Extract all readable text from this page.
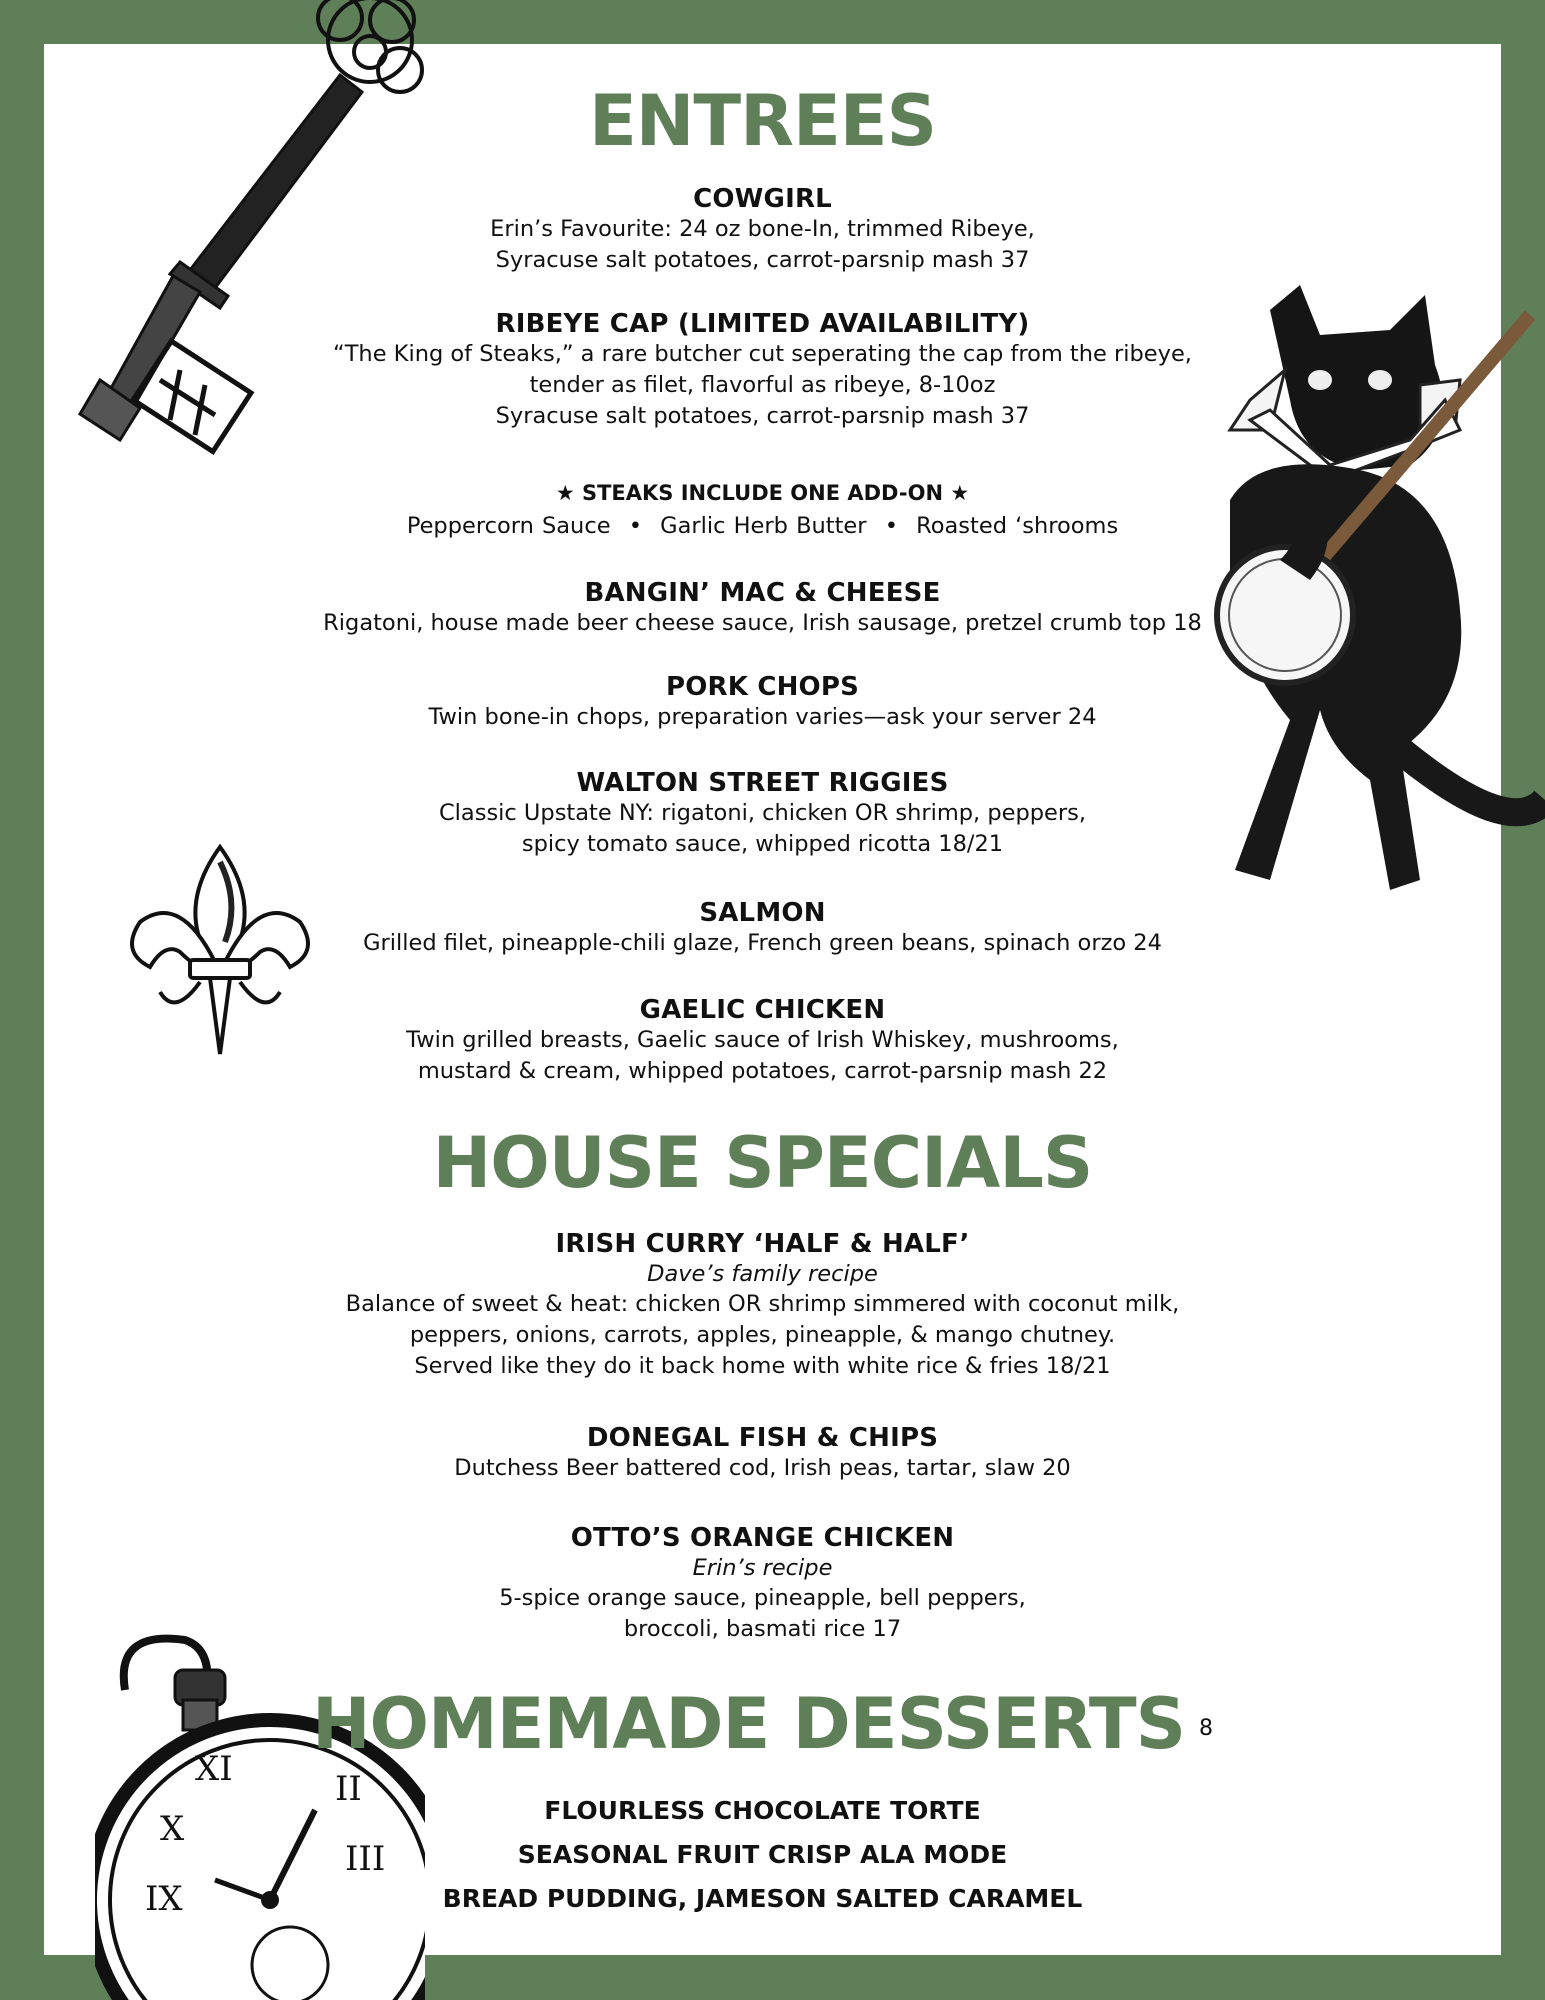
XI
X
IX
II
III
ENTREES
COWGIRL
Erin’s Favourite: 24 oz bone-In, trimmed Ribeye,
Syracuse salt potatoes, carrot-parsnip mash 37
RIBEYE CAP (LIMITED AVAILABILITY)
“The King of Steaks,” a rare butcher cut seperating the cap from the ribeye,
tender as filet, flavorful as ribeye, 8-10oz
Syracuse salt potatoes, carrot-parsnip mash 37
★ STEAKS INCLUDE ONE ADD-ON ★
Peppercorn Sauce • Garlic Herb Butter • Roasted ‘shrooms
BANGIN’ MAC & CHEESE
Rigatoni, house made beer cheese sauce, Irish sausage, pretzel crumb top 18
PORK CHOPS
Twin bone-in chops, preparation varies—ask your server 24
WALTON STREET RIGGIES
Classic Upstate NY: rigatoni, chicken OR shrimp, peppers,
spicy tomato sauce, whipped ricotta 18/21
SALMON
Grilled filet, pineapple-chili glaze, French green beans, spinach orzo 24
GAELIC CHICKEN
Twin grilled breasts, Gaelic sauce of Irish Whiskey, mushrooms,
mustard & cream, whipped potatoes, carrot-parsnip mash 22
HOUSE SPECIALS
IRISH CURRY ‘HALF & HALF’
Dave’s family recipe
Balance of sweet & heat: chicken OR shrimp simmered with coconut milk,
peppers, onions, carrots, apples, pineapple, & mango chutney.
Served like they do it back home with white rice & fries 18/21
DONEGAL FISH & CHIPS
Dutchess Beer battered cod, Irish peas, tartar, slaw 20
OTTO’S ORANGE CHICKEN
Erin’s recipe
5-spice orange sauce, pineapple, bell peppers,
broccoli, basmati rice 17
HOMEMADE DESSERTS 8
FLOURLESS CHOCOLATE TORTE
SEASONAL FRUIT CRISP ALA MODE
BREAD PUDDING, JAMESON SALTED CARAMEL
